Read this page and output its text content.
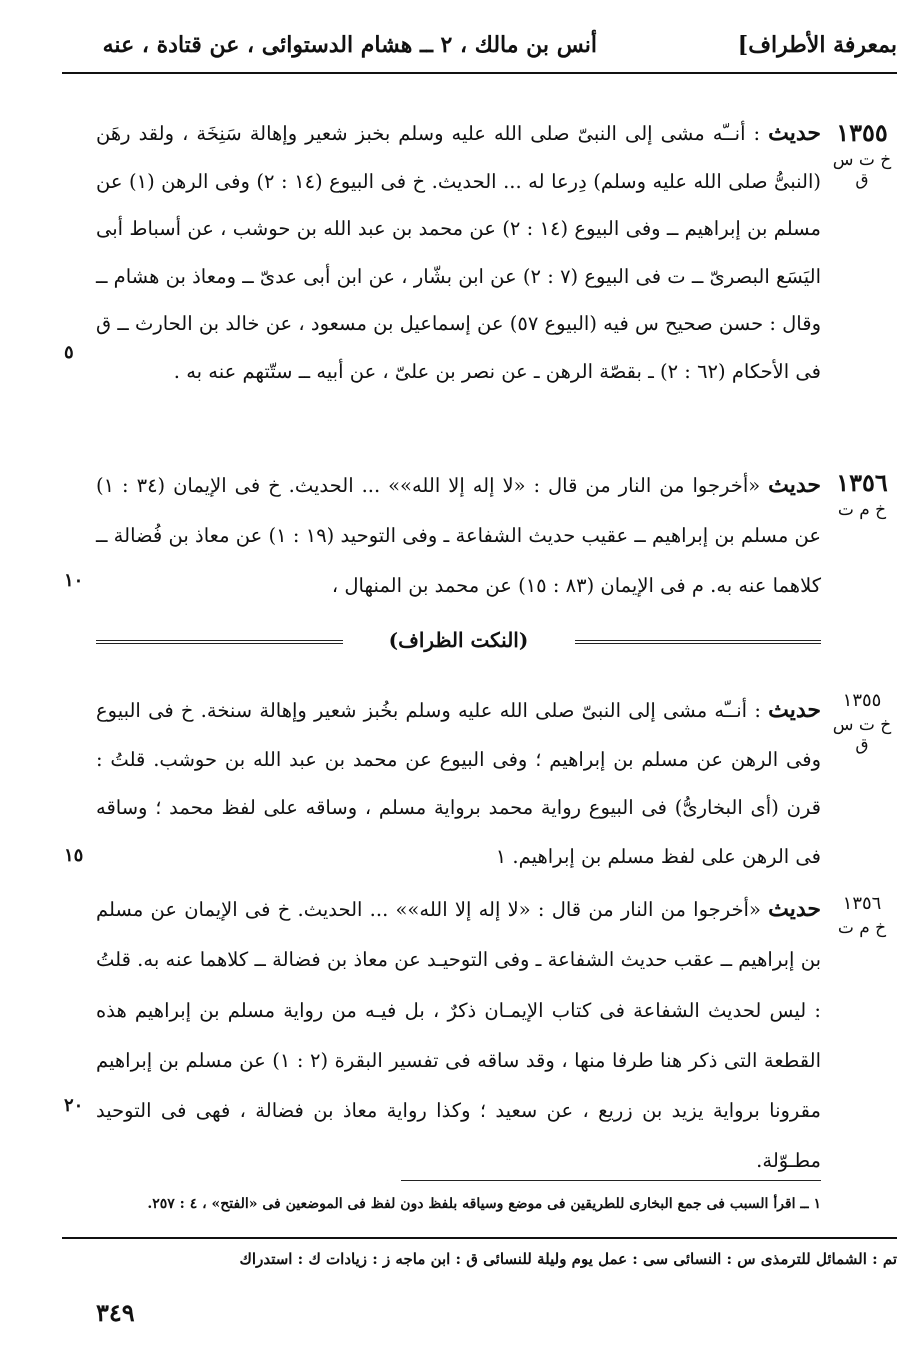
بمعرفة الأطراف]
أنس بن مالك ، ٢ ــ هشام الدستوائى ، عن قتادة ، عنه
١٣٥٥
خ ت س ق
حديث : أنــّه مشى إلى النبىّ صلى الله عليه وسلم بخبز شعير وإهالة سَنِخَة ، ولقد رهَن (النبىُّ صلى الله عليه وسلم) دِرعا له ... الحديث. خ فى البيوع (١٤ : ٢) وفى الرهن (١) عن مسلم بن إبراهيم ــ وفى البيوع (١٤ : ٢) عن محمد بن عبد الله بن حوشب ، عن أسباط أبى اليَسَع البصرىّ ــ ت فى البيوع (٧ : ٢) عن ابن بشّار ، عن ابن أبى عدىّ ــ ومعاذ بن هشام ــ وقال : حسن صحيح س فيه (البيوع ٥٧) عن إسماعيل بن مسعود ، عن خالد بن الحارث ــ ق فى الأحكام (٦٢ : ٢) ـ بقصّة الرهن ـ عن نصر بن علىّ ، عن أبيه ــ ستّتهم عنه به .
١٣٥٦
خ م ت
حديث «أخرجوا من النار من قال : «لا إله إلا الله»» ... الحديث. خ فى الإيمان (٣٤ : ١) عن مسلم بن إبراهيم ــ عقيب حديث الشفاعة ـ وفى التوحيد (١٩ : ١) عن معاذ بن فُضالة ــ كلاهما عنه به. م فى الإيمان (٨٣ : ١٥) عن محمد بن المنهال ،
٥
١٠
(النكت الظراف)
١٣٥٥
خ ت س ق
حديث : أنــّه مشى إلى النبىّ صلى الله عليه وسلم بخُبز شعير وإهالة سنخة. خ فى البيوع وفى الرهن عن مسلم بن إبراهيم ؛ وفى البيوع عن محمد بن عبد الله بن حوشب. قلتُ : قرن (أى البخارىُّ) فى البيوع رواية محمد برواية مسلم ، وساقه على لفظ محمد ؛ وساقه فى الرهن على لفظ مسلم بن إبراهيم. ١
١٣٥٦
خ م ت
حديث «أخرجوا من النار من قال : «لا إله إلا الله»» ... الحديث. خ فى الإيمان عن مسلم بن إبراهيم ــ عقب حديث الشفاعة ـ وفى التوحيـد عن معاذ بن فضالة ــ كلاهما عنه به. قلتُ : ليس لحديث الشفاعة فى كتاب الإيمـان ذكرٌ ، بل فيـه من رواية مسلم بن إبراهيم هذه القطعة التى ذكر هنا طرفا منها ، وقد ساقه فى تفسير البقرة (٢ : ١) عن مسلم بن إبراهيم مقرونا برواية يزيد بن زريع ، عن سعيد ؛ وكذا رواية معاذ بن فضالة ، فهى فى التوحيد مطـوّلة.
١٥
٢٠
١ ــ اقرأ السبب فى جمع البخارى للطريقين فى موضع وسياقه بلفظ دون لفظ فى الموضعين فى «الفتح» ، ٤ : ٢٥٧.
تم : الشمائل للترمذى س : النسائى سى : عمل يوم وليلة للنسائى ق : ابن ماجه ز : زيادات ك : استدراك
٣٤٩
